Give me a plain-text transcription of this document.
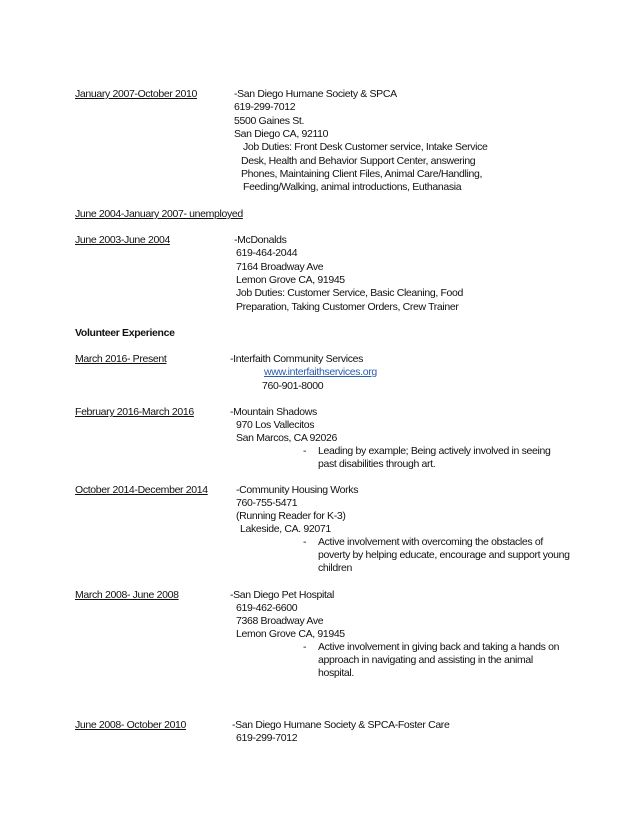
January 2007-October 2010	-San Diego Humane Society & SPCA
619-299-7012
5500 Gaines St.
San Diego CA, 92110
Job Duties: Front Desk Customer service, Intake Service
Desk, Health and Behavior Support Center, answering
Phones, Maintaining Client Files, Animal Care/Handling,
Feeding/Walking, animal introductions, Euthanasia
June 2004-January 2007- unemployed
June 2003-June 2004	-McDonalds
619-464-2044
7164 Broadway Ave
Lemon Grove CA, 91945
Job Duties: Customer Service, Basic Cleaning, Food
Preparation, Taking Customer Orders, Crew Trainer
Volunteer Experience
March 2016- Present	-Interfaith Community Services
www.interfaithservices.org
760-901-8000
February 2016-March 2016	-Mountain Shadows
970 Los Vallecitos
San Marcos, CA 92026
- Leading by example; Being actively involved in seeing
past disabilities through art.
October 2014-December 2014	-Community Housing Works
760-755-5471
(Running Reader for K-3)
Lakeside, CA. 92071
- Active involvement with overcoming the obstacles of
poverty by helping educate, encourage and support young
children
March 2008- June 2008	-San Diego Pet Hospital
619-462-6600
7368 Broadway Ave
Lemon Grove CA, 91945
- Active involvement in giving back and taking a hands on
approach in navigating and assisting in the animal
hospital.
June 2008- October 2010	-San Diego Humane Society & SPCA-Foster Care
619-299-7012
